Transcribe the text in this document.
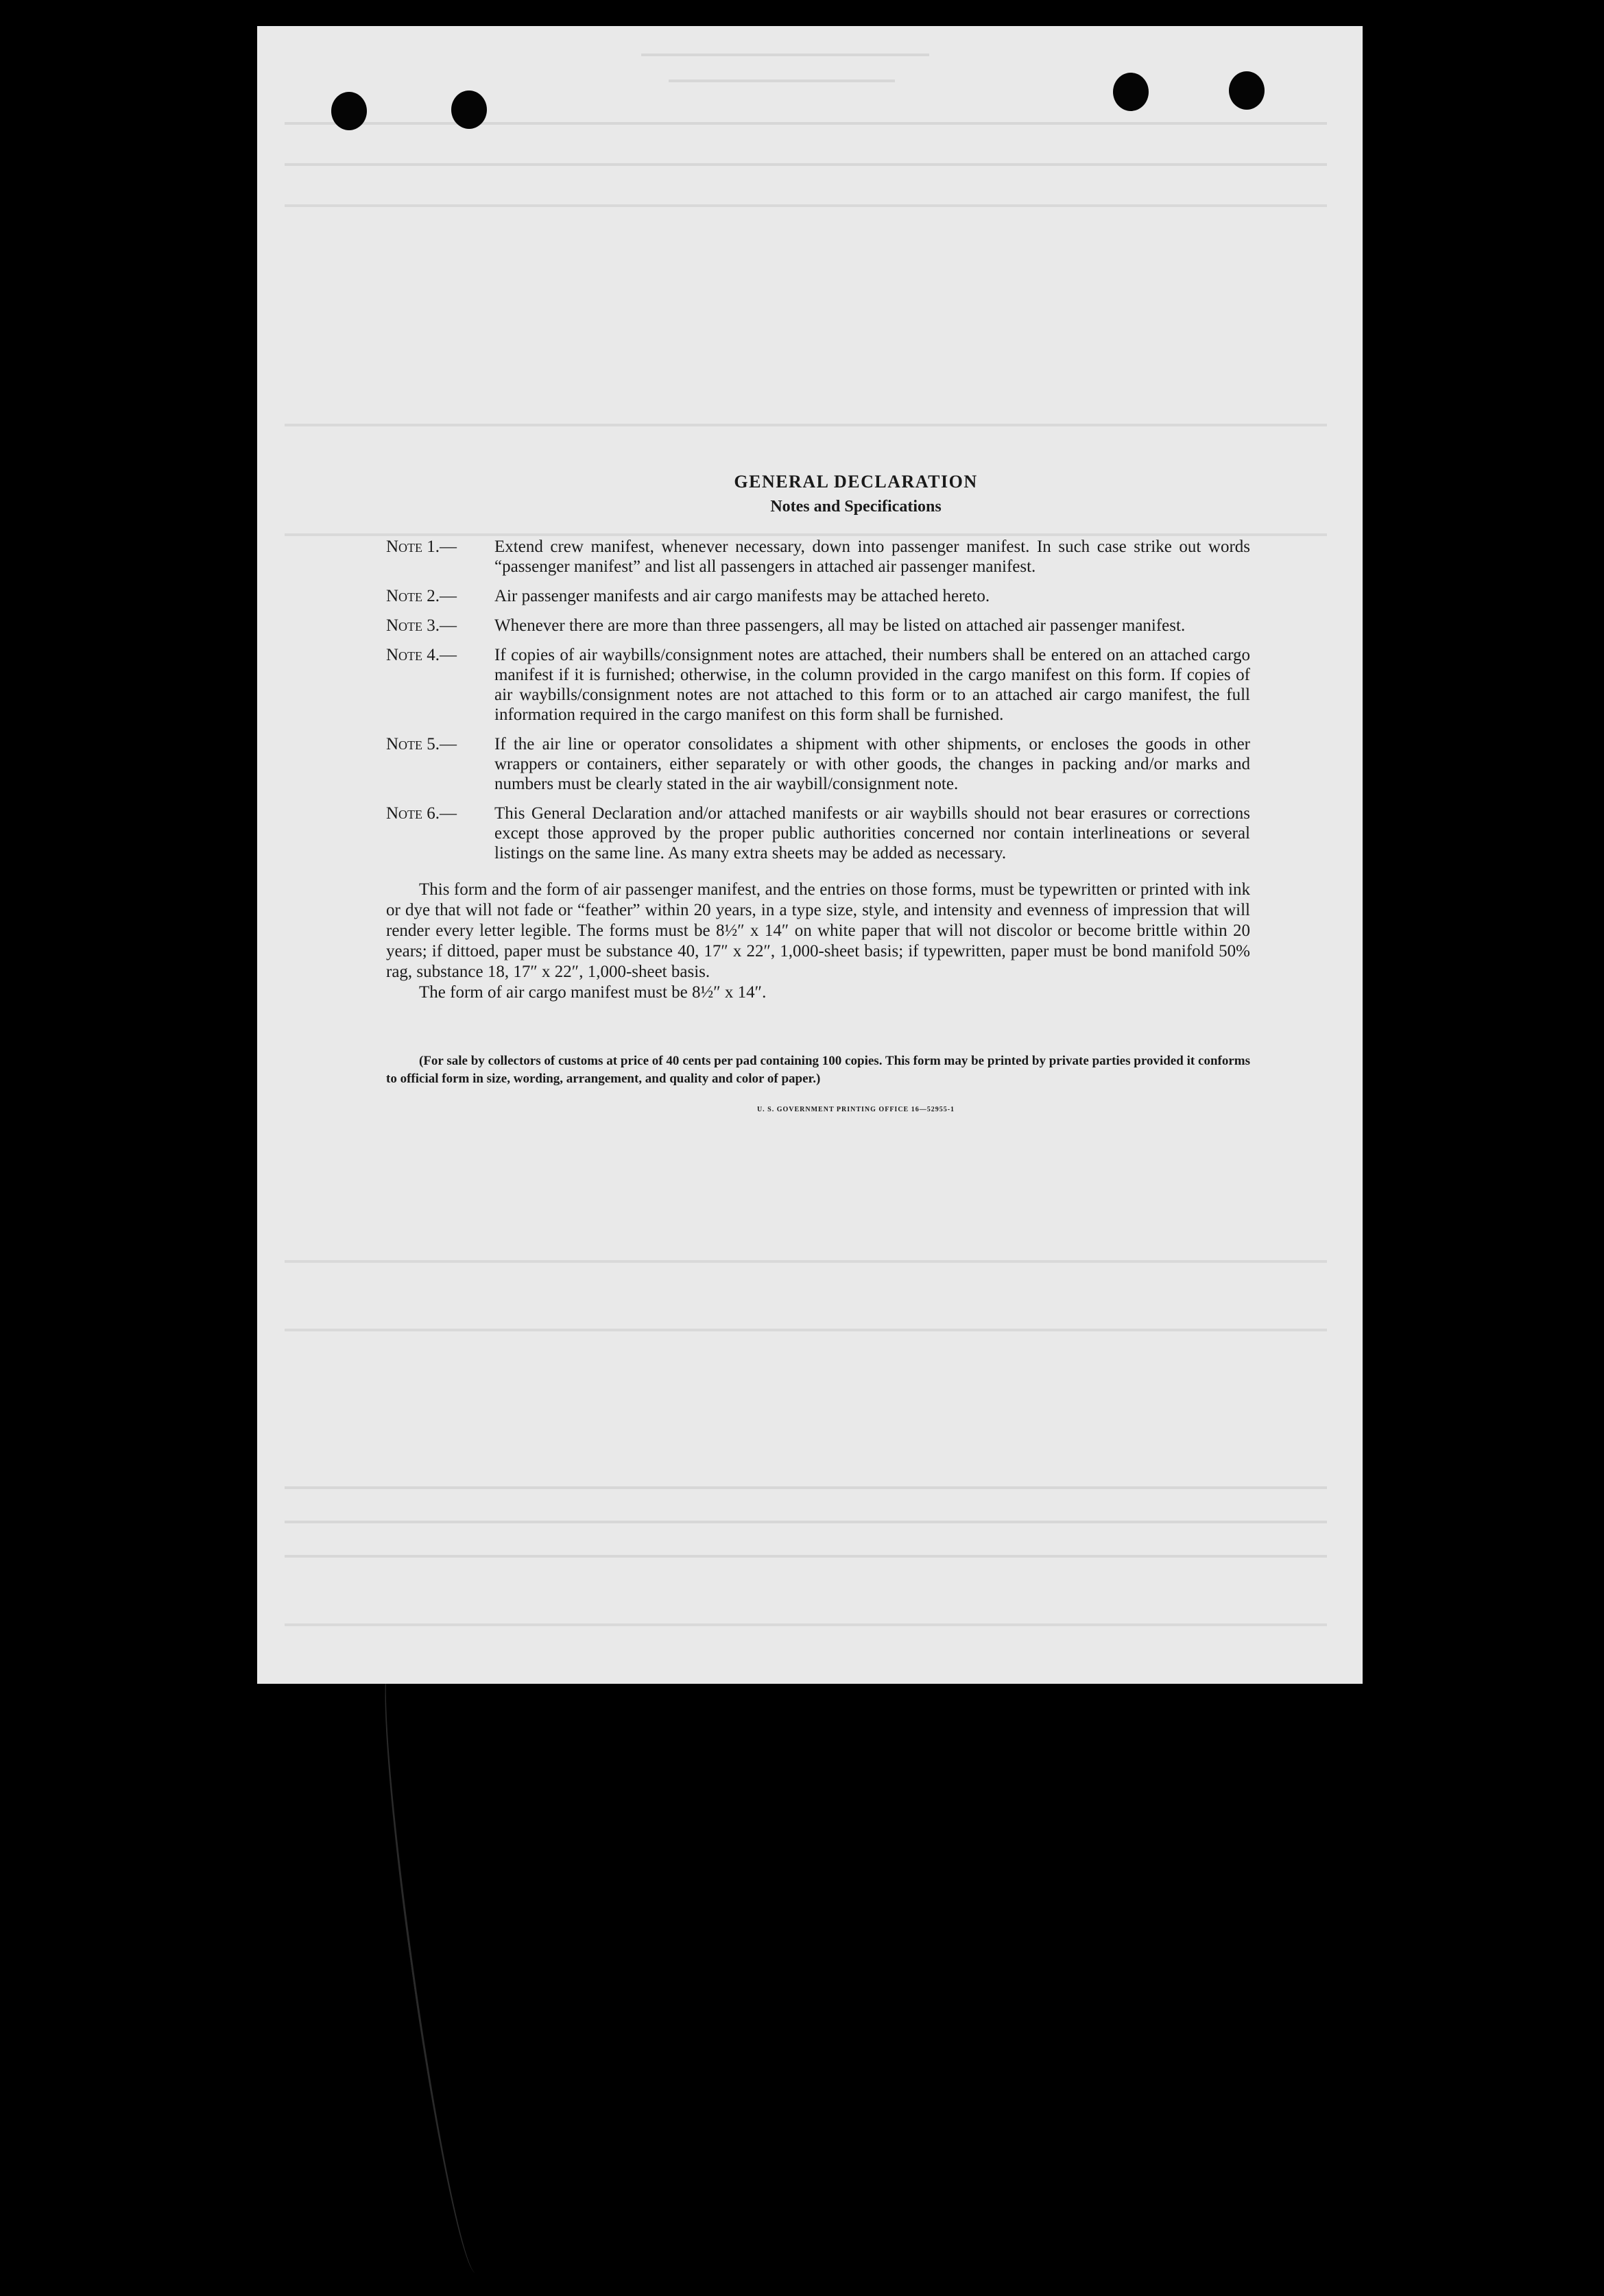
GENERAL DECLARATION
Notes and Specifications
Note 1.—	Extend crew manifest, whenever necessary, down into passenger manifest. In such case strike out words “passenger manifest” and list all passengers in attached air passenger manifest.
Note 2.—	Air passenger manifests and air cargo manifests may be attached hereto.
Note 3.—	Whenever there are more than three passengers, all may be listed on attached air passenger manifest.
Note 4.—	If copies of air waybills/consignment notes are attached, their numbers shall be entered on an attached cargo manifest if it is furnished; otherwise, in the column provided in the cargo manifest on this form. If copies of air waybills/consignment notes are not attached to this form or to an attached air cargo manifest, the full information required in the cargo manifest on this form shall be furnished.
Note 5.—	If the air line or operator consolidates a shipment with other shipments, or encloses the goods in other wrappers or containers, either separately or with other goods, the changes in packing and/or marks and numbers must be clearly stated in the air waybill/consignment note.
Note 6.—	This General Declaration and/or attached manifests or air waybills should not bear erasures or corrections except those approved by the proper public authorities concerned nor contain interlineations or several listings on the same line. As many extra sheets may be added as necessary.
This form and the form of air passenger manifest, and the entries on those forms, must be typewritten or printed with ink or dye that will not fade or “feather” within 20 years, in a type size, style, and intensity and evenness of impression that will render every letter legible. The forms must be 8½″ x 14″ on white paper that will not discolor or become brittle within 20 years; if dittoed, paper must be substance 40, 17″ x 22″, 1,000-sheet basis; if typewritten, paper must be bond manifold 50% rag, substance 18, 17″ x 22″, 1,000-sheet basis.
The form of air cargo manifest must be 8½″ x 14″.
(For sale by collectors of customs at price of 40 cents per pad containing 100 copies. This form may be printed by private parties provided it conforms to official form in size, wording, arrangement, and quality and color of paper.)
U. S. GOVERNMENT PRINTING OFFICE 16—52955-1
